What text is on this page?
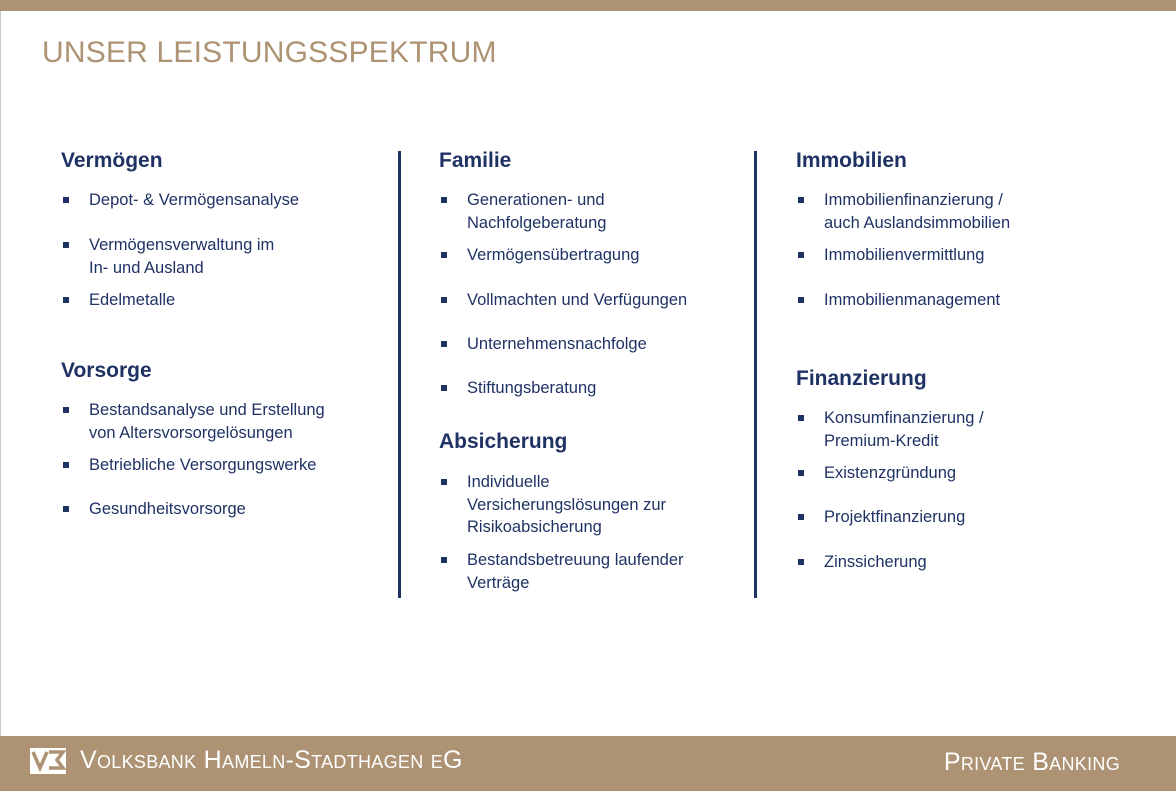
UNSER LEISTUNGSSPEKTRUM
Vermögen
Depot- & Vermögensanalyse
Vermögensverwaltung im
In- und Ausland
Edelmetalle
Vorsorge
Bestandsanalyse und Erstellung
von Altersvorsorgelösungen
Betriebliche Versorgungswerke
Gesundheitsvorsorge
Familie
Generationen- und
Nachfolgeberatung
Vermögensübertragung
Vollmachten und Verfügungen
Unternehmensnachfolge
Stiftungsberatung
Absicherung
Individuelle
Versicherungslösungen zur
Risikoabsicherung
Bestandsbetreuung laufender
Verträge
Immobilien
Immobilienfinanzierung /
auch Auslandsimmobilien
Immobilienvermittlung
Immobilienmanagement
Finanzierung
Konsumfinanzierung /
Premium-Kredit
Existenzgründung
Projektfinanzierung
Zinssicherung
Volksbank Hameln-Stadthagen eG	Private Banking
